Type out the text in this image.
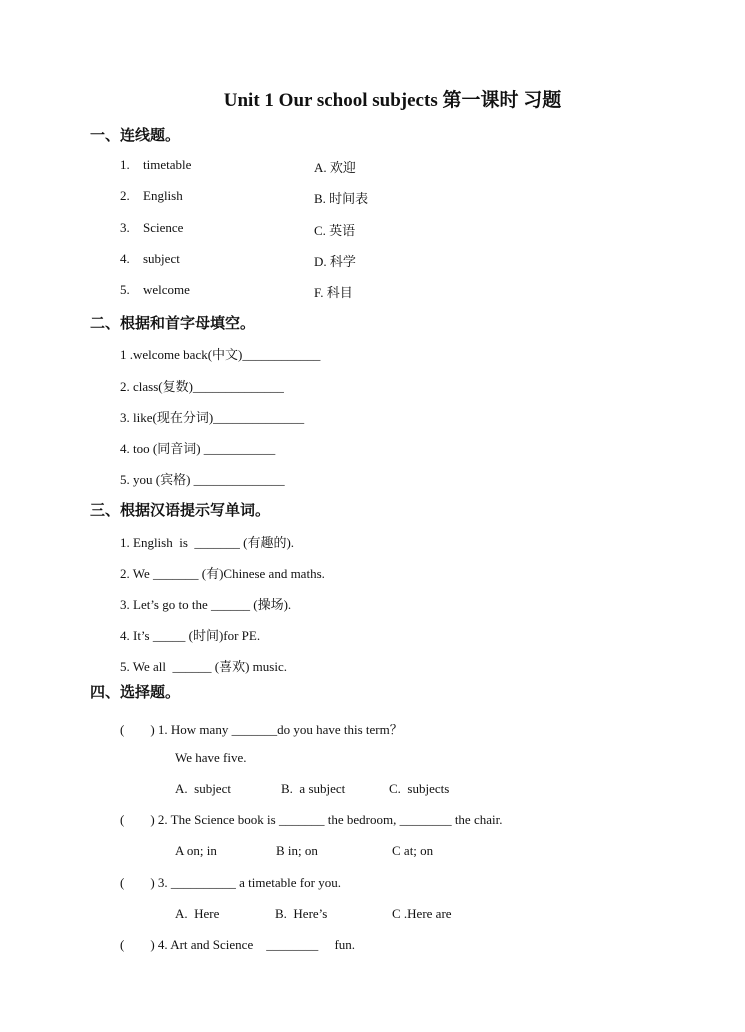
Unit 1 Our school subjects 第一课时 习题
一、连线题。
1. timetable	A. 欢迎
2. English	B. 时间表
3. Science	C. 英语
4. subject	D. 科学
5. welcome	F. 科目
二、根据和首字母填空。
1 .welcome back(中文)____________
2. class(复数)______________
3. like(现在分词)______________
4. too (同音词) ___________
5. you (宾格) ______________
三、根据汉语提示写单词。
1. English  is  _______ (有趣的).
2. We _______ (有)Chinese and maths.
3. Let’s go to the ______ (操场).
4. It’s _____ (时间)for PE.
5. We all  ______ (喜欢) music.
四、选择题。
(        ) 1. How many _______do you have this term？
We have five.
A.  subject	B.  a subject	C.  subjects
(        ) 2. The Science book is _______ the bedroom, ________ the chair.
A on; in	B in; on	C at; on
(        ) 3. __________ a timetable for you.
A.  Here	B.  Here’s	C .Here are
(        ) 4. Art and Science    ________     fun.
